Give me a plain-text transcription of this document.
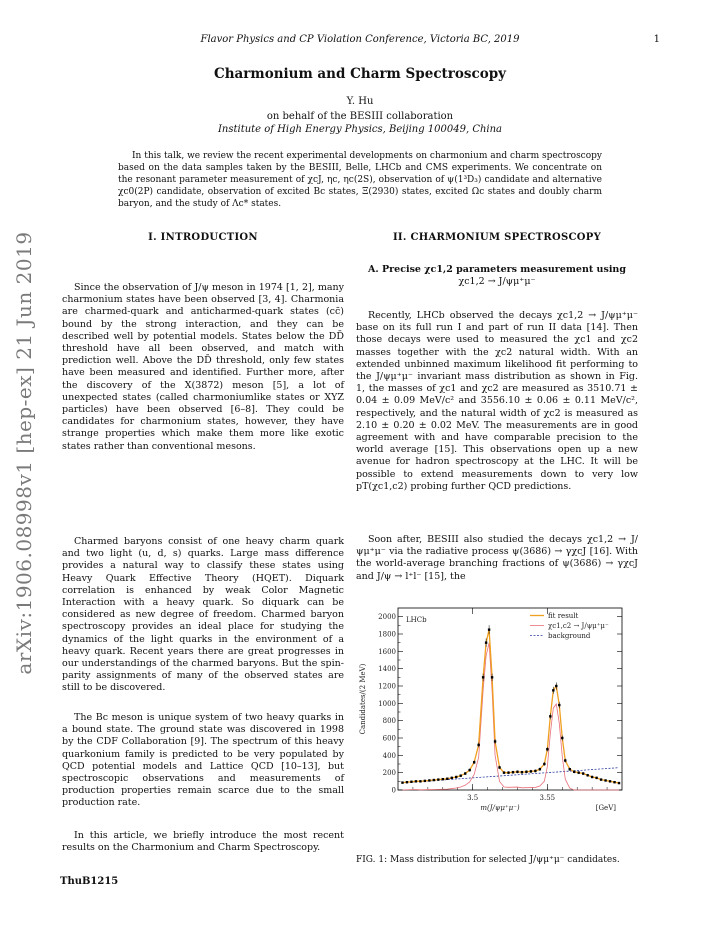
Flavor Physics and CP Violation Conference, Victoria BC, 2019	1
arXiv:1906.08998v1 [hep-ex] 21 Jun 2019
Charmonium and Charm Spectroscopy
Y. Hu
on behalf of the BESIII collaboration
Institute of High Energy Physics, Beijing 100049, China

In this talk, we review the recent experimental developments on charmonium and charm spectroscopy based on the data samples taken by the BESIII, Belle, LHCb and CMS experiments. We concentrate on the resonant parameter measurement of χcJ, ηc, ηc(2S), observation of ψ(1³D₃) candidate and alternative χc0(2P) candidate, observation of excited Bc states, Ξ(2930) states, excited Ωc states and doubly charm baryon, and the study of Λc* states.

I. INTRODUCTION

Since the observation of J/ψ meson in 1974 [1, 2], many charmonium states have been observed [3, 4]. Charmonia are charmed-quark and anticharmed-quark states (cc̄) bound by the strong interaction, and they can be described well by potential models. States below the DD̄ threshold have all been observed, and match with prediction well. Above the DD̄ threshold, only few states have been measured and identified. Further more, after the discovery of the X(3872) meson [5], a lot of unexpected states (called charmoniumlike states or XYZ particles) have been observed [6–8]. They could be candidates for charmonium states, however, they have strange properties which make them more like exotic states rather than conventional mesons.

Charmed baryons consist of one heavy charm quark and two light (u, d, s) quarks. Large mass difference provides a natural way to classify these states using Heavy Quark Effective Theory (HQET). Diquark correlation is enhanced by weak Color Magnetic Interaction with a heavy quark. So diquark can be considered as new degree of freedom. Charmed baryon spectroscopy provides an ideal place for studying the dynamics of the light quarks in the environment of a heavy quark. Recent years there are great progresses in our understandings of the charmed baryons. But the spin-parity assignments of many of the observed states are still to be discovered.

The Bc meson is unique system of two heavy quarks in a bound state. The ground state was discovered in 1998 by the CDF Collaboration [9]. The spectrum of this heavy quarkonium family is predicted to be very populated by QCD potential models and Lattice QCD [10–13], but spectroscopic observations and measurements of production properties remain scarce due to the small production rate.

In this article, we briefly introduce the most recent results on the Charmonium and Charm Spectroscopy.

II. CHARMONIUM SPECTROSCOPY
A. Precise χc1,2 parameters measurement using
χc1,2 → J/ψμ⁺μ⁻

Recently, LHCb observed the decays χc1,2 → J/ψμ⁺μ⁻ base on its full run I and part of run II data [14]. Then those decays were used to measured the χc1 and χc2 masses together with the χc2 natural width. With an extended unbinned maximum likelihood fit performing to the J/ψμ⁺μ⁻ invariant mass distribution as shown in Fig. 1, the masses of χc1 and χc2 are measured as 3510.71 ± 0.04 ± 0.09 MeV/c² and 3556.10 ± 0.06 ± 0.11 MeV/c², respectively, and the natural width of χc2 is measured as 2.10 ± 0.20 ± 0.02 MeV. The measurements are in good agreement with and have comparable precision to the world average [15]. This observations open up a new avenue for hadron spectroscopy at the LHC. It will be possible to extend measurements down to very low pT(χc1,c2) probing further QCD predictions.

Soon after, BESIII also studied the decays χc1,2 → J/ψμ⁺μ⁻ via the radiative process ψ(3686) → γχcJ [16]. With the world-average branching fractions of ψ(3686) → γχcJ and J/ψ → l⁺l⁻ [15], the

0
200
400
600
800
1000
1200
1400
1600
1800
2000
3.5	3.55
LHCb	fit result
χc1,c2 → J/ψμ⁺μ⁻
background
m(J/ψμ⁺μ⁻)	[GeV]
Candidates/(2 MeV)
FIG. 1: Mass distribution for selected J/ψμ⁺μ⁻ candidates.
ThuB1215
